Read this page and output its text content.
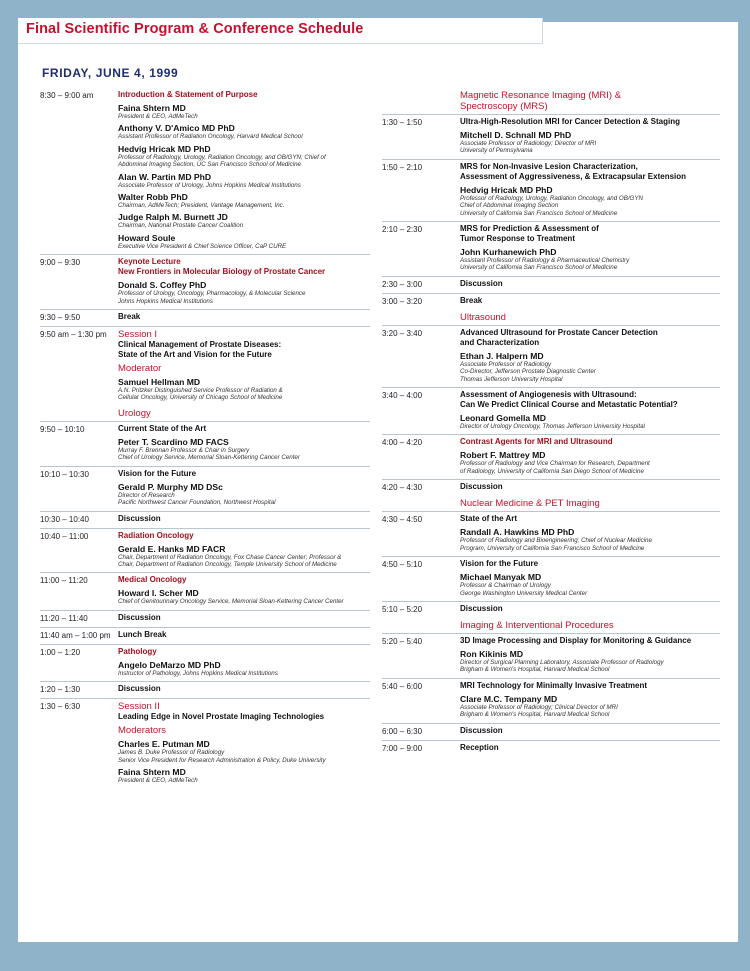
Final Scientific Program & Conference Schedule
FRIDAY, JUNE 4, 1999
8:30 – 9:00 am	Introduction & Statement of Purpose
Faina Shtern MD
President & CEO, AdMeTech
Anthony V. D'Amico MD PhD
Assistant Professor of Radiation Oncology, Harvard Medical School
Hedvig Hricak MD PhD
Professor of Radiology, Urology, Radiation Oncology, and OB/GYN; Chief of
Abdominal Imaging Section, UC San Francisco School of Medicine
Alan W. Partin MD PhD
Associate Professor of Urology, Johns Hopkins Medical Institutions
Walter Robb PhD
Chairman, AdMeTech; President, Vantage Management, Inc.
Judge Ralph M. Burnett JD
Chairman, National Prostate Cancer Coalition
Howard Soule
Executive Vice President & Chief Science Officer, CaP CURE
9:00 – 9:30	Keynote Lecture
New Frontiers in Molecular Biology of Prostate Cancer
Donald S. Coffey PhD
Professor of Urology, Oncology, Pharmacology, & Molecular Science
Johns Hopkins Medical Institutions
9:30 – 9:50	Break
9:50 am – 1:30 pm	Session I
Clinical Management of Prostate Diseases:
State of the Art and Vision for the Future
Moderator
Samuel Hellman MD
A.N. Pritzker Distinguished Service Professor of Radiation &
Cellular Oncology, University of Chicago School of Medicine
Urology
9:50 – 10:10	Current State of the Art
Peter T. Scardino MD FACS
Murray F. Brennan Professor & Chair in Surgery
Chief of Urology Service, Memorial Sloan-Kettering Cancer Center
10:10 – 10:30	Vision for the Future
Gerald P. Murphy MD DSc
Director of Research
Pacific Northwest Cancer Foundation, Northwest Hospital
10:30 – 10:40	Discussion
10:40 – 11:00	Radiation Oncology
Gerald E. Hanks MD FACR
Chair, Department of Radiation Oncology, Fox Chase Cancer Center; Professor &
Chair, Department of Radiation Oncology, Temple University School of Medicine
11:00 – 11:20	Medical Oncology
Howard I. Scher MD
Chief of Genitourinary Oncology Service, Memorial Sloan-Kettering Cancer Center
11:20 – 11:40	Discussion
11:40 am – 1:00 pm Lunch Break
1:00 – 1:20	Pathology
Angelo DeMarzo MD PhD
Instructor of Pathology, Johns Hopkins Medical Institutions
1:20 – 1:30	Discussion
1:30 – 6:30	Session II
Leading Edge in Novel Prostate Imaging Technologies
Moderators
Charles E. Putman MD
James B. Duke Professor of Radiology
Senior Vice President for Research Administration & Policy, Duke University
Faina Shtern MD
President & CEO, AdMeTech
Magnetic Resonance Imaging (MRI) &
Spectroscopy (MRS)
1:30 – 1:50	Ultra-High-Resolution MRI for Cancer Detection & Staging
Mitchell D. Schnall MD PhD
Associate Professor of Radiology; Director of MRI
University of Pennsylvania
1:50 – 2:10	MRS for Non-Invasive Lesion Characterization,
Assessment of Aggressiveness, & Extracapsular Extension
Hedvig Hricak MD PhD
Professor of Radiology, Urology, Radiation Oncology, and OB/GYN
Chief of Abdominal Imaging Section
University of California San Francisco School of Medicine
2:10 – 2:30	MRS for Prediction & Assessment of
Tumor Response to Treatment
John Kurhanewich PhD
Assistant Professor of Radiology & Pharmaceutical Chemistry
University of California San Francisco School of Medicine
2:30 – 3:00	Discussion
3:00 – 3:20	Break
Ultrasound
3:20 – 3:40	Advanced Ultrasound for Prostate Cancer Detection
and Characterization
Ethan J. Halpern MD
Associate Professor of Radiology
Co-Director, Jefferson Prostate Diagnostic Center
Thomas Jefferson University Hospital
3:40 – 4:00	Assessment of Angiogenesis with Ultrasound:
Can We Predict Clinical Course and Metastatic Potential?
Leonard Gomella MD
Director of Urology Oncology, Thomas Jefferson University Hospital
4:00 – 4:20	Contrast Agents for MRI and Ultrasound
Robert F. Mattrey MD
Professor of Radiology and Vice Chairman for Research, Department
of Radiology, University of California San Diego School of Medicine
4:20 – 4:30	Discussion
Nuclear Medicine & PET Imaging
4:30 – 4:50	State of the Art
Randall A. Hawkins MD PhD
Professor of Radiology and Bioengineering; Chief of Nuclear Medicine
Program, University of California San Francisco School of Medicine
4:50 – 5:10	Vision for the Future
Michael Manyak MD
Professor & Chairman of Urology
George Washington University Medical Center
5:10 – 5:20	Discussion
Imaging & Interventional Procedures
5:20 – 5:40	3D Image Processing and Display for Monitoring & Guidance
Ron Kikinis MD
Director of Surgical Planning Laboratory, Associate Professor of Radiology
Brigham & Women's Hospital, Harvard Medical School
5:40 – 6:00	MRI Technology for Minimally Invasive Treatment
Clare M.C. Tempany MD
Associate Professor of Radiology; Clinical Director of MRI
Brigham & Women's Hospital, Harvard Medical School
6:00 – 6:30	Discussion
7:00 – 9:00	Reception
